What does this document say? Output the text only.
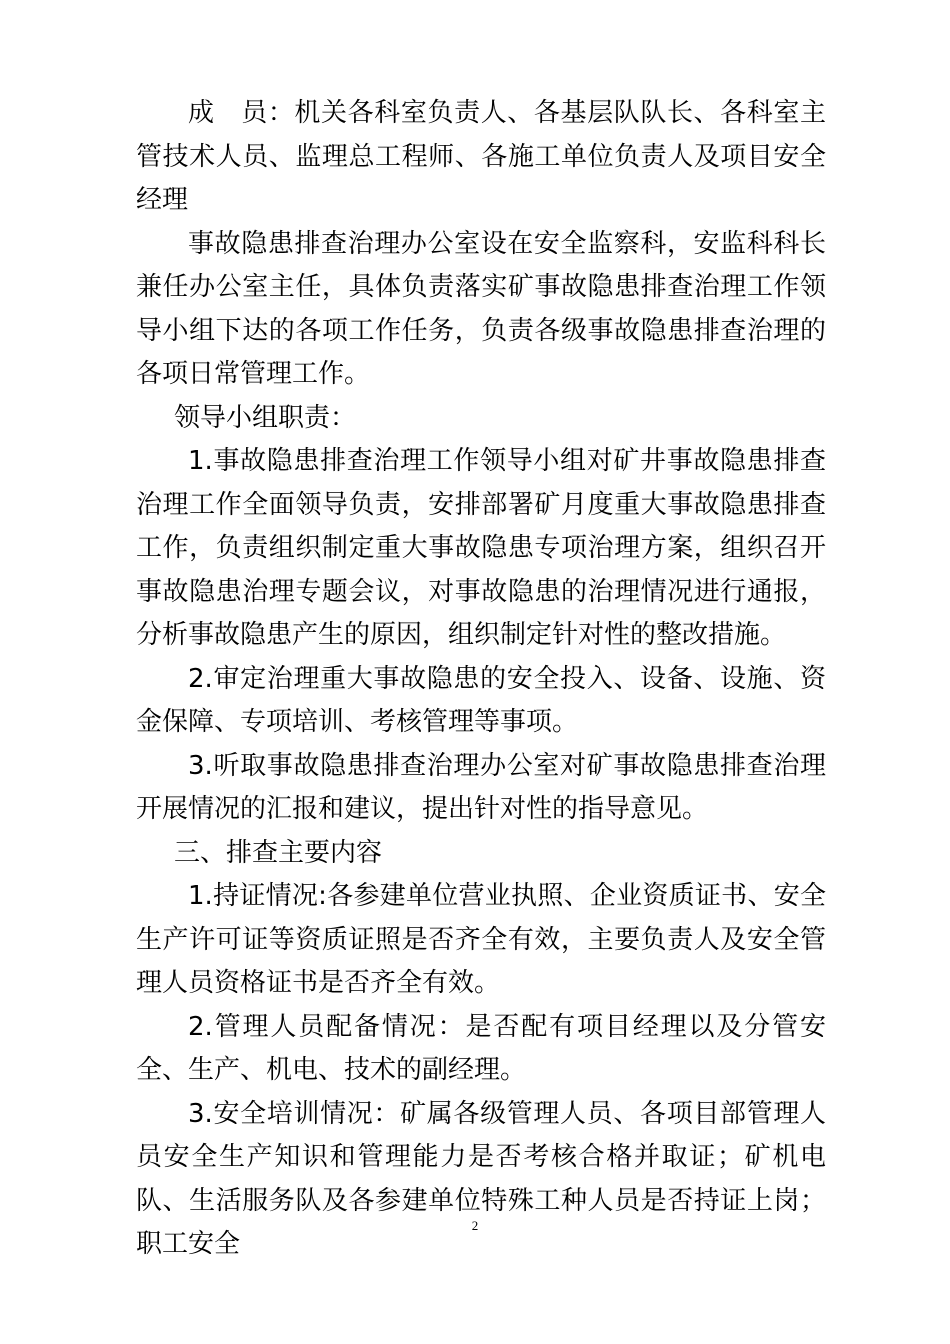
成　员：机关各科室负责人、各基层队队长、各科室主管技术人员、监理总工程师、各施工单位负责人及项目安全经理

事故隐患排查治理办公室设在安全监察科，安监科科长兼任办公室主任，具体负责落实矿事故隐患排查治理工作领导小组下达的各项工作任务，负责各级事故隐患排查治理的各项日常管理工作。

领导小组职责：

1.事故隐患排查治理工作领导小组对矿井事故隐患排查治理工作全面领导负责，安排部署矿月度重大事故隐患排查工作，负责组织制定重大事故隐患专项治理方案，组织召开事故隐患治理专题会议，对事故隐患的治理情况进行通报，分析事故隐患产生的原因，组织制定针对性的整改措施。

2.审定治理重大事故隐患的安全投入、设备、设施、资金保障、专项培训、考核管理等事项。

3.听取事故隐患排查治理办公室对矿事故隐患排查治理开展情况的汇报和建议，提出针对性的指导意见。

三、排查主要内容

1.持证情况:各参建单位营业执照、企业资质证书、安全生产许可证等资质证照是否齐全有效，主要负责人及安全管理人员资格证书是否齐全有效。

2.管理人员配备情况：是否配有项目经理以及分管安全、生产、机电、技术的副经理。

3.安全培训情况：矿属各级管理人员、各项目部管理人员安全生产知识和管理能力是否考核合格并取证；矿机电队、生活服务队及各参建单位特殊工种人员是否持证上岗；职工安全

2
